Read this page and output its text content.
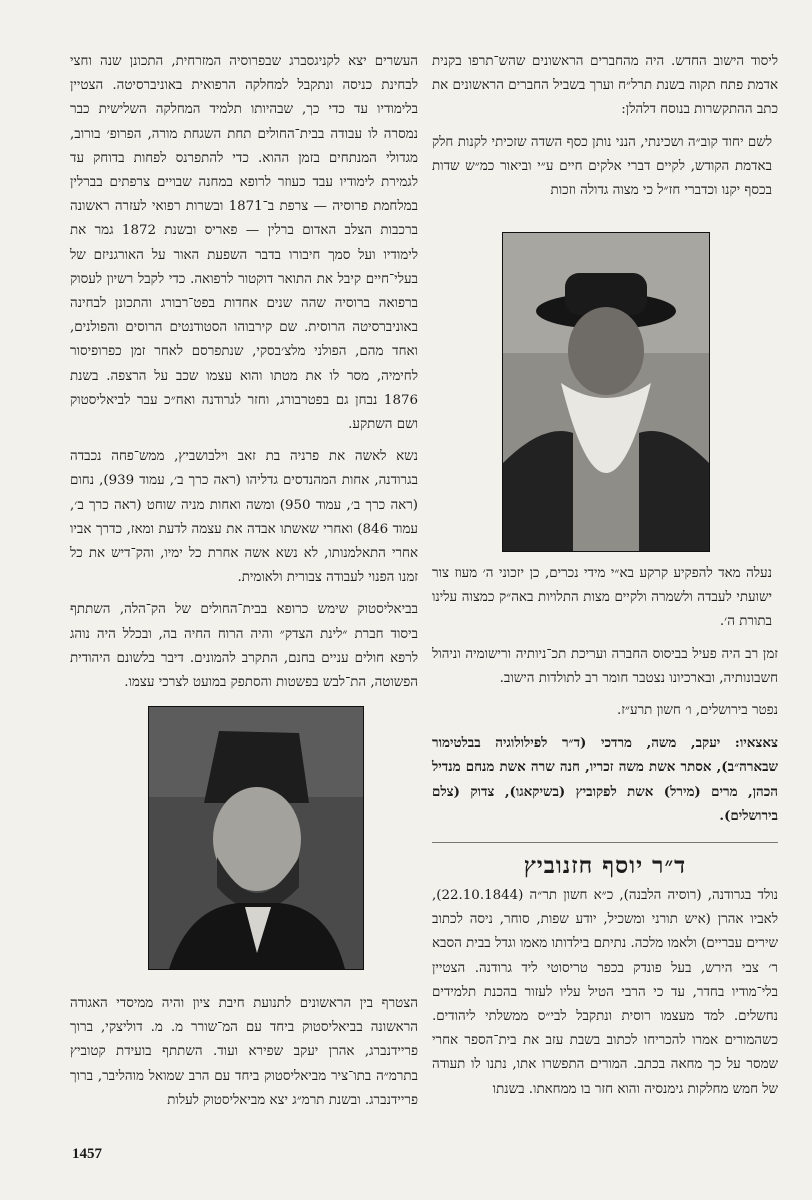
ליסוד הישוב החדש. היה מהחברים הראשונים שהש־תרפו בקנית אדמת פתח תקוה בשנת תרל״ח וערך בשביל החברים הראשונים את כתב ההתקשרות בנוסח דלהלן:

לשם יחוד קוב״ה ושכינתי, הנני נותן כסף השדה שזכיתי לקנות חלק באדמת הקודש, לקיים דברי אלקים חיים ע״י וביאור כמ״ש שדות בכסף יקנו וכדברי חז״ל כי מצוה גדולה וזכות

נעלה מאד להפקיע קרקע בא״י מידי נכרים, כן יזכוני ה׳ מעוז צור ישועתי לעבדה ולשמרה ולקיים מצות התלויות באה״ק כמצוה עלינו בתורת ה׳.

זמן רב היה פעיל בביסוס החברה ועריכת תכ־ניותיה ורישומיה וניהול חשבונותיה, ובארכיונו נצטבר חומר רב לתולדות הישוב.

נפטר בירושלים, ו׳ חשון תרע״ז.

צאצאיו: יעקב, משה, מרדכי (ד״ר לפילולוגיה בבלטימור שבארה״ב), אסתר אשת משה זכריו, חנה שרה אשת מנחם מנדיל הכהן, מרים (מירל) אשת לפקוביץ (בשיקאגו), צדוק (צלם בירושלים).

ד״ר יוסף חזנוביץ

נולד בגרודנה, (רוסיה הלבנה), כ״א חשון תר״ה (22.10.1844), לאביו אהרן (איש תורני ומשכיל, יודע שפות, סוחר, ניסה לכתוב שירים עבריים) ולאמו מלכה. נתיתם בילדותו מאמו וגדל בבית הסבא ר׳ צבי הירש, בעל פונדק בכפר טריסוטי ליד גרודנה. הצטיין בלי־מודיו בחדר, עד כי הרבי הטיל עליו לעזור בהכנת תלמידים נחשלים. למד מעצמו רוסית ונתקבל לבי״ס ממשלתי ליהודים. כשהמורים אמרו להכריחו לכתוב בשבת עזב את בית־הספר אחרי שמסר על כך מחאה בכתב. המורים התפשרו אתו, נתנו לו תעודה של חמש מחלקות גימנסיה והוא חזר בו ממחאתו. בשנתו

העשרים יצא לקניגסברג שבפרוסיה המזרחית, התכונן שנה וחצי לבחינת כניסה ונתקבל למחלקה הרפואית באוניברסיטה. הצטיין בלימודיו עד כדי כך, שבהיותו תלמיד המחלקה השלישית כבר נמסרה לו עבודה בבית־החולים תחת השגחת מורה, הפרופ׳ בורוב, מגדולי המנתחים בזמן ההוא. כדי להתפרנס לפחות בדוחק עד לגמירת לימודיו עבד כעוזר לרופא במחנה שבויים צרפתים בברלין במלחמת פרוסיה — צרפת ב־1871 ובשרות רפואי לעזרה ראשונה ברכבות הצלב האדום ברלין — פאריס ובשנת 1872 גמר את לימודיו ועל סמך חיבורו בדבר השפעת האור על האורגניזם של בעלי־חיים קיבל את התואר דוקטור לרפואה. כדי לקבל רשיון לעסוק ברפואה ברוסיה שהה שנים אחדות בפט־רבורג והתכונן לבחינה באוניברסיטה הרוסית. שם קירבוהו הסטודנטים הרוסים והפולנים, ואחד מהם, הפולני מלצ׳בסקי, שנתפרסם לאחר זמן כפרופיסור לחימיה, מסר לו את מטתו והוא עצמו שכב על הרצפה. בשנת 1876 נבחן גם בפטרבורג, וחזר לגרודנה ואח״כ עבר לביאליסטוק ושם השתקע.

נשא לאשה את פרניה בת זאב וילבושביץ, ממש־פחה נכבדה בגרודנה, אחות המהנדסים גדליהו (ראה כרך ב׳, עמוד 939), נחום (ראה כרך ב׳, עמוד 950) ומשה ואחות מניה שוחט (ראה כרך ב׳, עמוד 846) ואחרי שאשתו אבדה את עצמה לדעת ומאז, כדרך אביו אחרי התאלמנותו, לא נשא אשה אחרת כל ימיו, והק־דיש את כל זמנו הפנוי לעבודה צבורית ולאומית.

בביאליסטוק שימש כרופא בבית־החולים של הק־הלה, השתתף ביסוד חברת ״לינת הצדק״ והיה הרוח החיה בה, ובכלל היה נוהג לרפא חולים עניים בחנם, התקרב להמונים. דיבר בלשונם היהודית הפשוטה, הת־לבש בפשטות והסתפק במועט לצרכי עצמו.

הצטרף בין הראשונים לתנועת חיבת ציון והיה ממיסדי האגודה הראשונה בביאליסטוק ביחד עם המ־שורר מ. מ. דוליצקי, ברוך פריידנברג, אהרן יעקב שפירא ועוד. השתתף בועידת קטוביץ בתרמ״ה בתו־ציר מביאליסטוק ביחד עם הרב שמואל מוהליבר, ברוך פריידנברג. ובשנת תרמ״ג יצא מביאליסטוק לעלות

1457
